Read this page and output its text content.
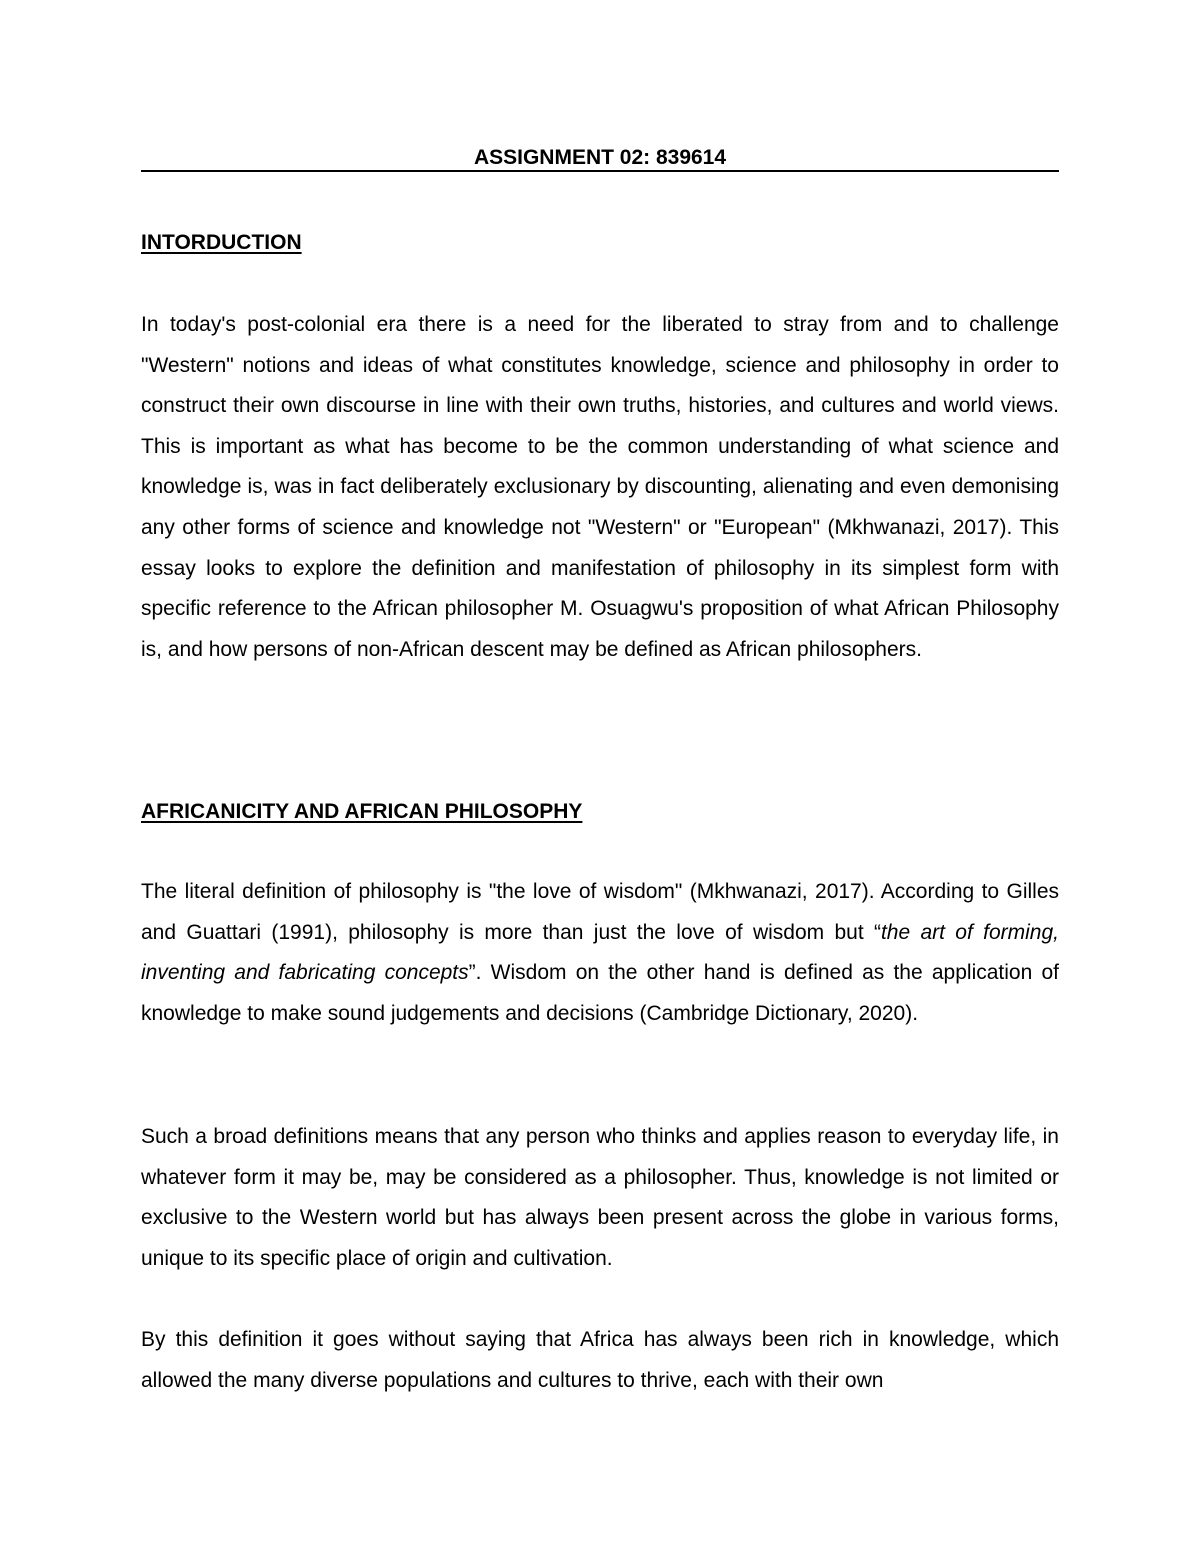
ASSIGNMENT 02: 839614
INTORDUCTION

In today's post-colonial era there is a need for the liberated to stray from and to challenge "Western" notions and ideas of what constitutes knowledge, science and philosophy in order to construct their own discourse in line with their own truths, histories, and cultures and world views. This is important as what has become to be the common understanding of what science and knowledge is, was in fact deliberately exclusionary by discounting, alienating and even demonising any other forms of science and knowledge not "Western" or "European" (Mkhwanazi, 2017). This essay looks to explore the definition and manifestation of philosophy in its simplest form with specific reference to the African philosopher M. Osuagwu's proposition of what African Philosophy is, and how persons of non-African descent may be defined as African philosophers.

AFRICANICITY AND AFRICAN PHILOSOPHY

The literal definition of philosophy is "the love of wisdom" (Mkhwanazi, 2017). According to Gilles and Guattari (1991), philosophy is more than just the love of wisdom but “the art of forming, inventing and fabricating concepts”. Wisdom on the other hand is defined as the application of knowledge to make sound judgements and decisions (Cambridge Dictionary, 2020).

Such a broad definitions means that any person who thinks and applies reason to everyday life, in whatever form it may be, may be considered as a philosopher. Thus, knowledge is not limited or exclusive to the Western world but has always been present across the globe in various forms, unique to its specific place of origin and cultivation.

By this definition it goes without saying that Africa has always been rich in knowledge, which allowed the many diverse populations and cultures to thrive, each with their own
